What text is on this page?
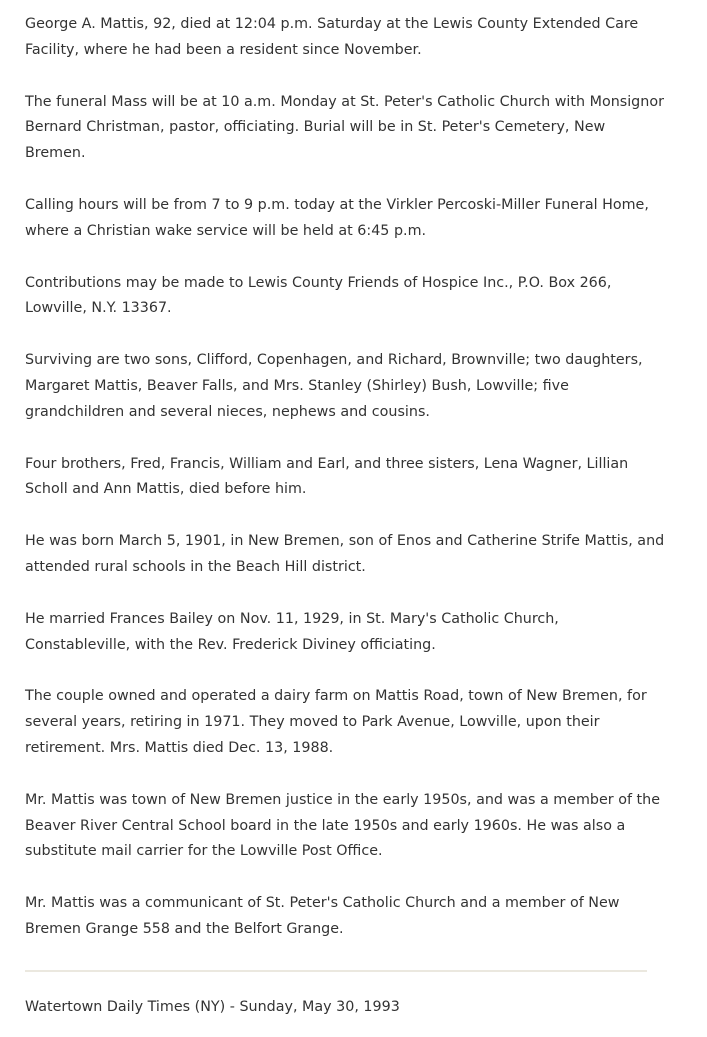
George A. Mattis, 92, died at 12:04 p.m. Saturday at the Lewis County Extended Care Facility, where he had been a resident since November.

The funeral Mass will be at 10 a.m. Monday at St. Peter's Catholic Church with Monsignor Bernard Christman, pastor, officiating. Burial will be in St. Peter's Cemetery, New Bremen.

Calling hours will be from 7 to 9 p.m. today at the Virkler Percoski-Miller Funeral Home, where a Christian wake service will be held at 6:45 p.m.

Contributions may be made to Lewis County Friends of Hospice Inc., P.O. Box 266, Lowville, N.Y. 13367.

Surviving are two sons, Clifford, Copenhagen, and Richard, Brownville; two daughters, Margaret Mattis, Beaver Falls, and Mrs. Stanley (Shirley) Bush, Lowville; five grandchildren and several nieces, nephews and cousins.

Four brothers, Fred, Francis, William and Earl, and three sisters, Lena Wagner, Lillian Scholl and Ann Mattis, died before him.

He was born March 5, 1901, in New Bremen, son of Enos and Catherine Strife Mattis, and attended rural schools in the Beach Hill district.

He married Frances Bailey on Nov. 11, 1929, in St. Mary's Catholic Church, Constableville, with the Rev. Frederick Diviney officiating.

The couple owned and operated a dairy farm on Mattis Road, town of New Bremen, for several years, retiring in 1971. They moved to Park Avenue, Lowville, upon their retirement. Mrs. Mattis died Dec. 13, 1988.

Mr. Mattis was town of New Bremen justice in the early 1950s, and was a member of the Beaver River Central School board in the late 1950s and early 1960s. He was also a substitute mail carrier for the Lowville Post Office.

Mr. Mattis was a communicant of St. Peter's Catholic Church and a member of New Bremen Grange 558 and the Belfort Grange.

Watertown Daily Times (NY) - Sunday, May 30, 1993
